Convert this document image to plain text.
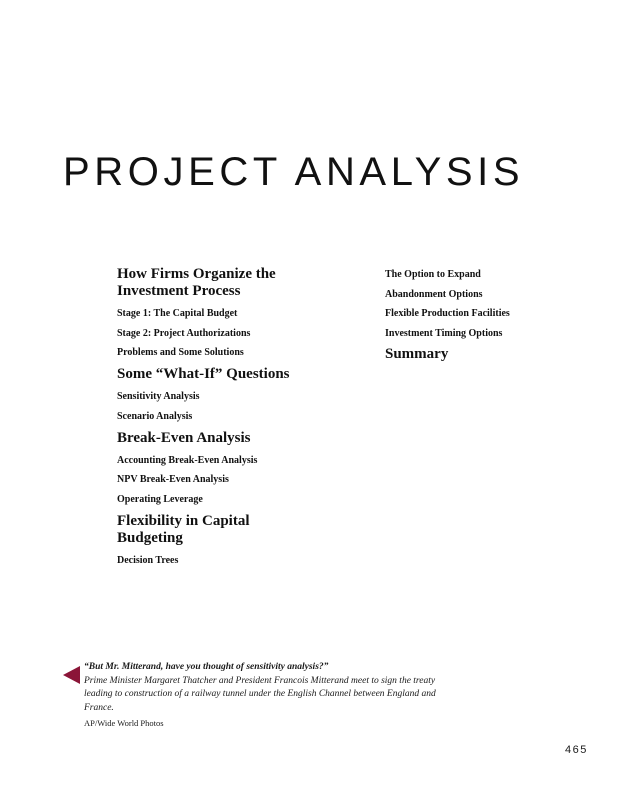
PROJECT ANALYSIS
How Firms Organize the Investment Process
Stage 1: The Capital Budget
Stage 2: Project Authorizations
Problems and Some Solutions
Some “What-If” Questions
Sensitivity Analysis
Scenario Analysis
Break-Even Analysis
Accounting Break-Even Analysis
NPV Break-Even Analysis
Operating Leverage
Flexibility in Capital Budgeting
Decision Trees
The Option to Expand
Abandonment Options
Flexible Production Facilities
Investment Timing Options
Summary

“But Mr. Mitterand, have you thought of sensitivity analysis?”

Prime Minister Margaret Thatcher and President Francois Mitterand meet to sign the treaty leading to construction of a railway tunnel under the English Channel between England and France.

AP/Wide World Photos

465
